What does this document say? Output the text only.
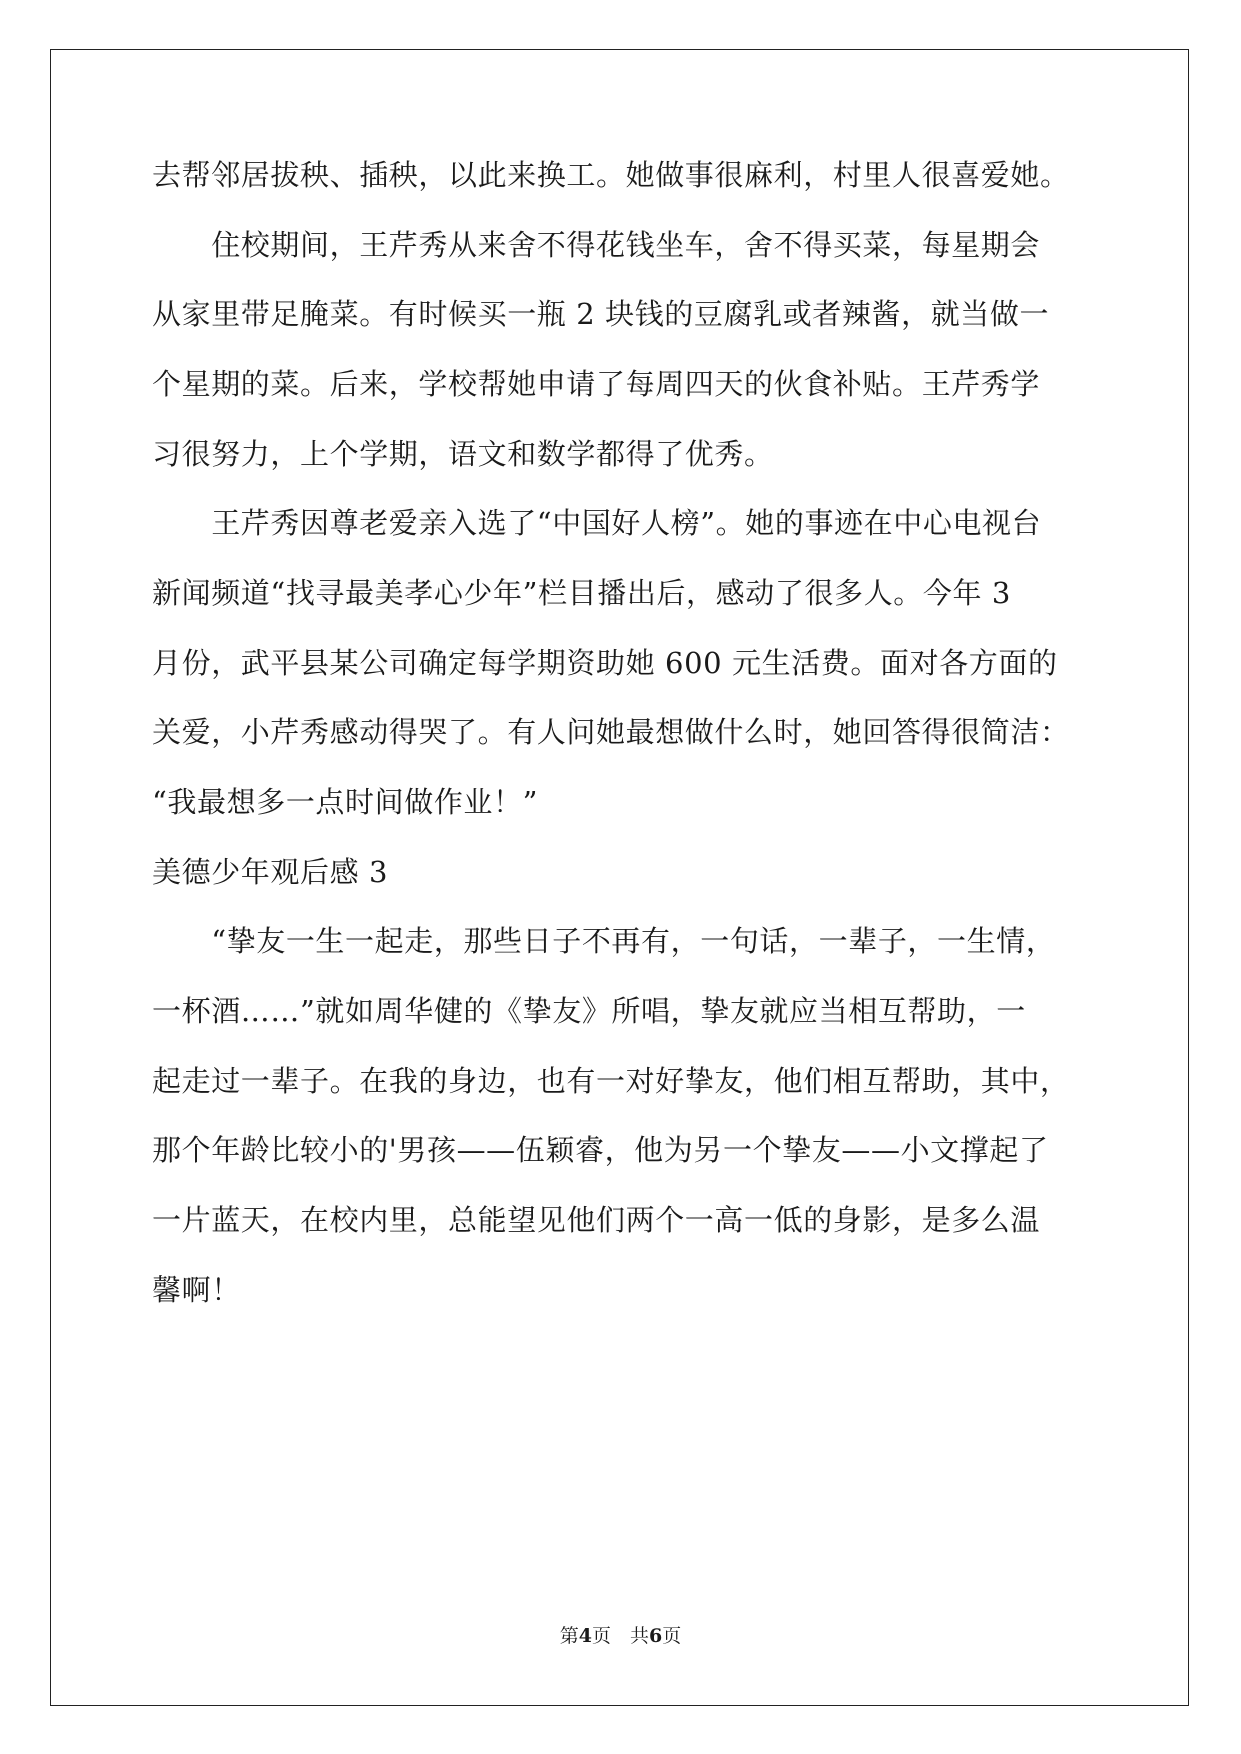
去帮邻居拔秧、插秧，以此来换工。她做事很麻利，村里人很喜爱她。

　　住校期间，王芹秀从来舍不得花钱坐车，舍不得买菜，每星期会

从家里带足腌菜。有时候买一瓶 2 块钱的豆腐乳或者辣酱，就当做一

个星期的菜。后来，学校帮她申请了每周四天的伙食补贴。王芹秀学

习很努力，上个学期，语文和数学都得了优秀。

　　王芹秀因尊老爱亲入选了“中国好人榜”。她的事迹在中心电视台

新闻频道“找寻最美孝心少年”栏目播出后，感动了很多人。今年 3

月份，武平县某公司确定每学期资助她 600 元生活费。面对各方面的

关爱，小芹秀感动得哭了。有人问她最想做什么时，她回答得很简洁：

“我最想多一点时间做作业！”

美德少年观后感 3

　　“挚友一生一起走，那些日子不再有，一句话，一辈子，一生情，

一杯酒……”就如周华健的《挚友》所唱，挚友就应当相互帮助，一

起走过一辈子。在我的身边，也有一对好挚友，他们相互帮助，其中，

那个年龄比较小的'男孩——伍颖睿，他为另一个挚友——小文撑起了

一片蓝天，在校内里，总能望见他们两个一高一低的身影，是多么温

馨啊！

第4页　共6页
